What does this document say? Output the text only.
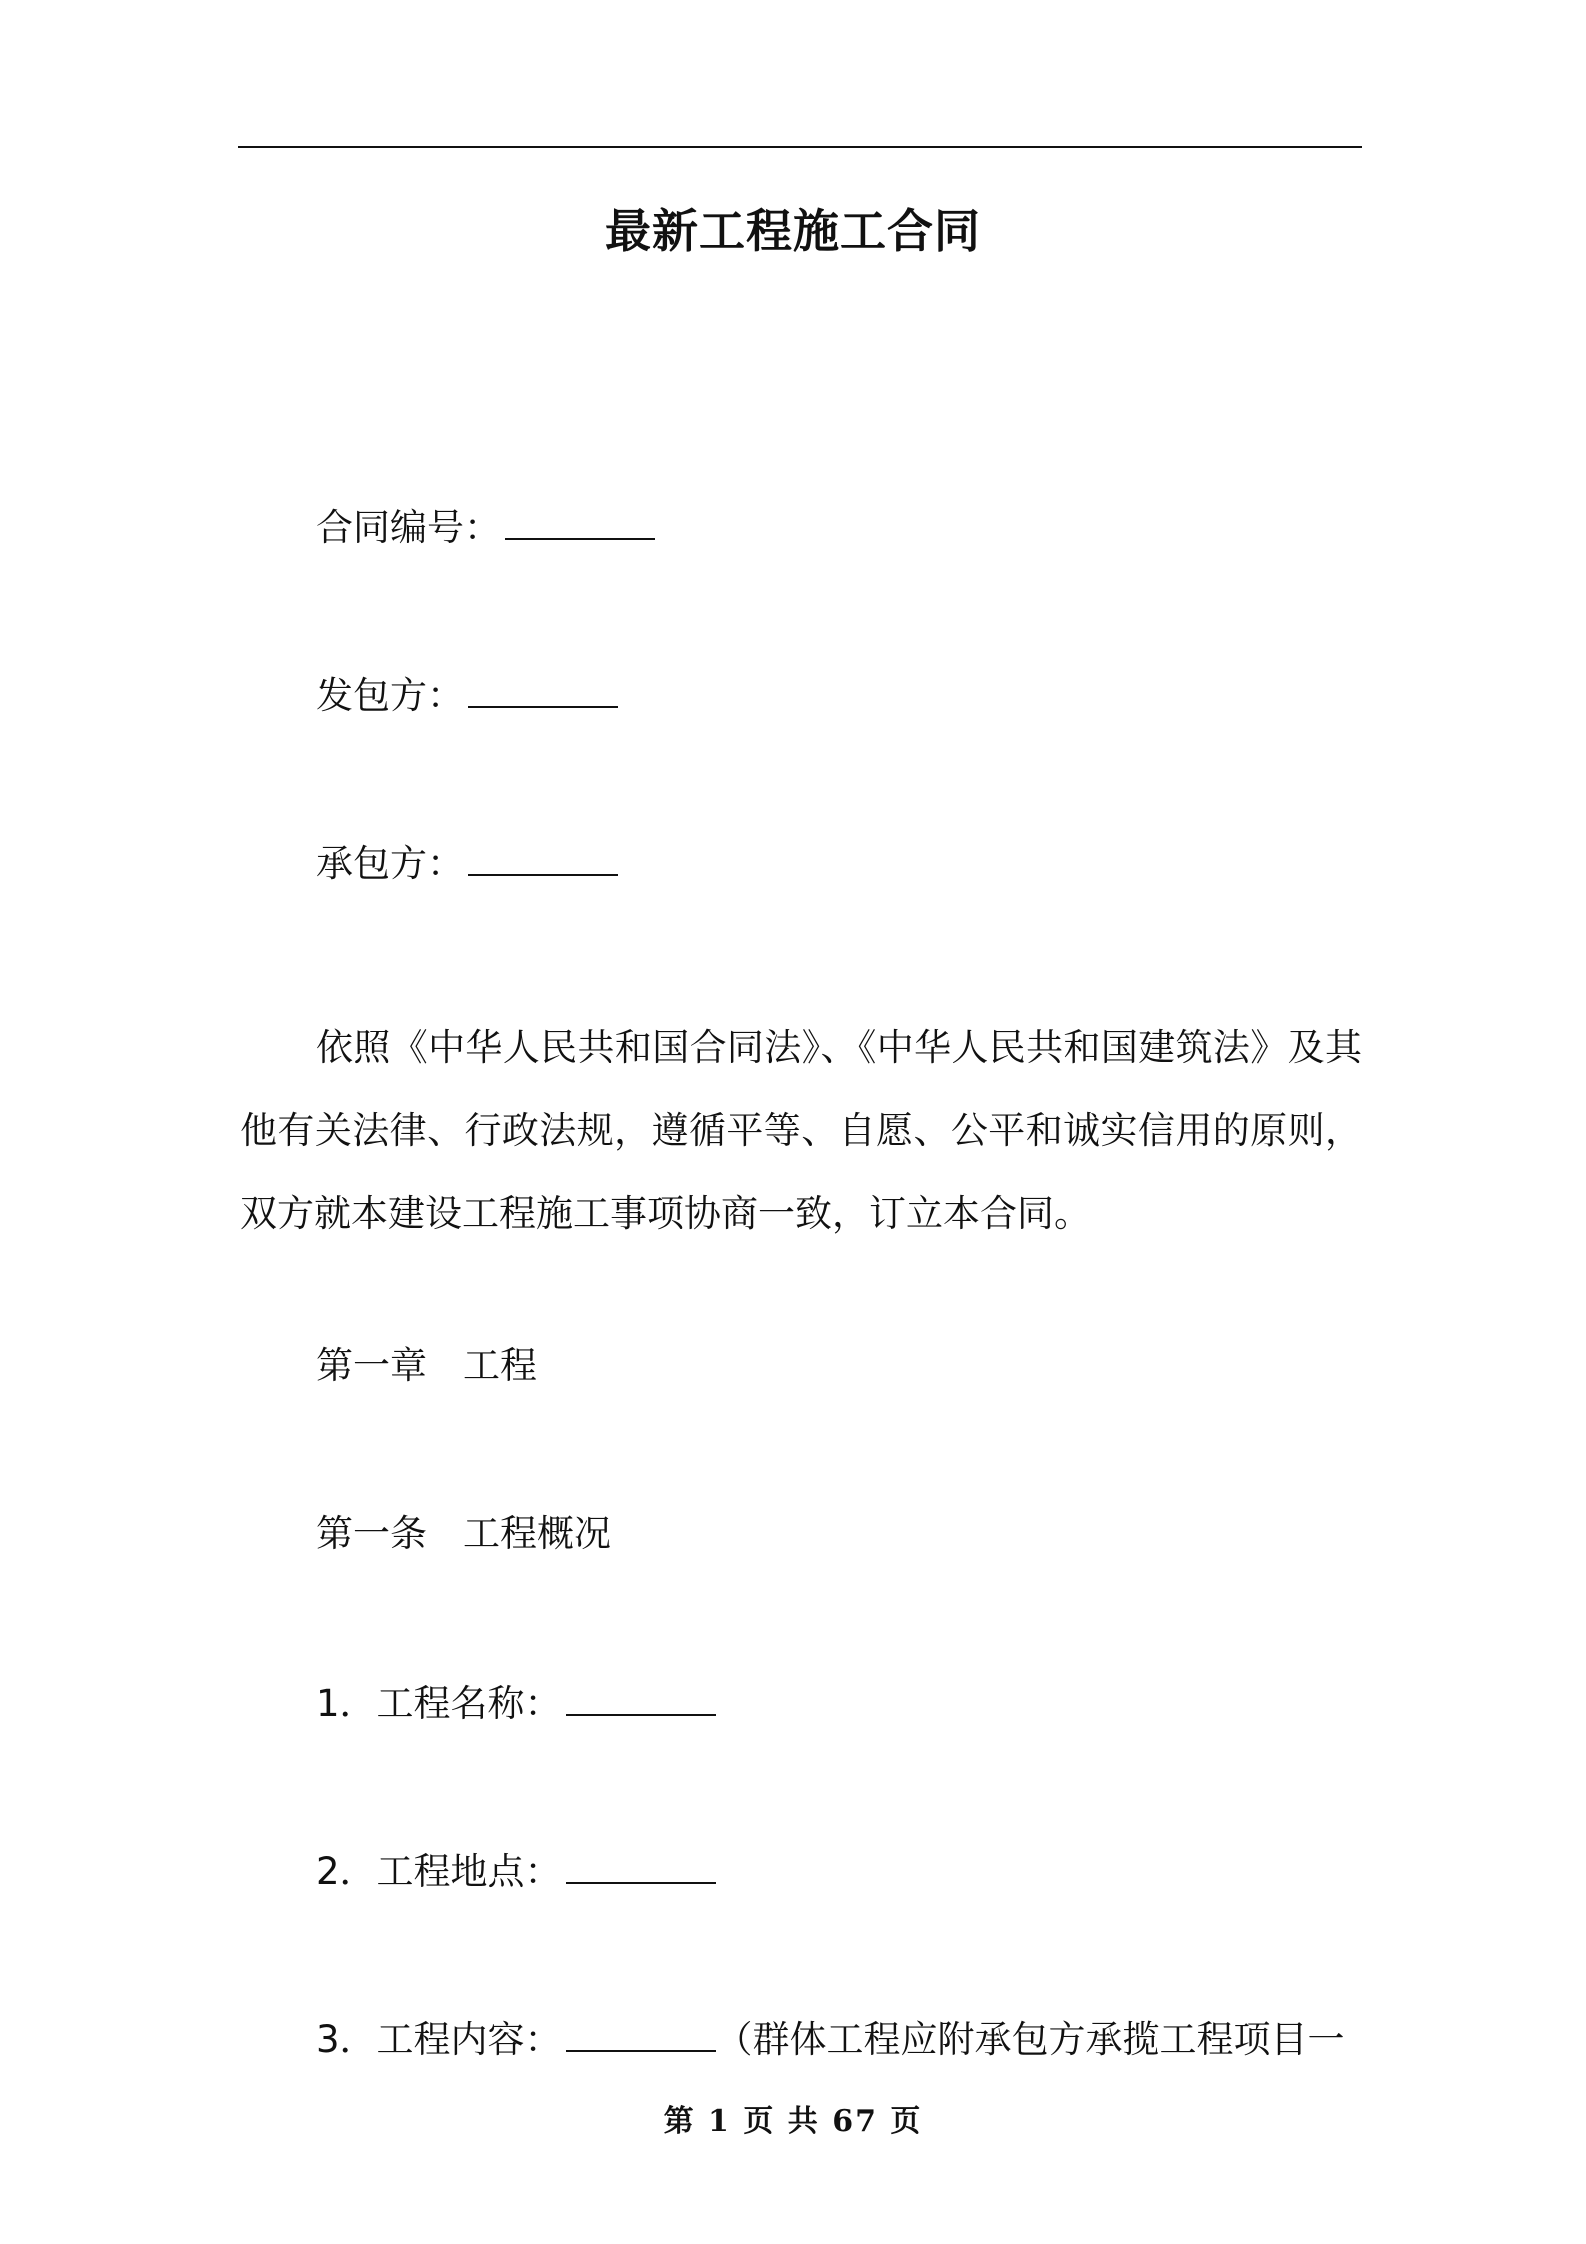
最新工程施工合同
合同编号：
发包方：
承包方：
依照《中华人民共和国合同法》、《中华人民共和国建筑法》及其他有关法律、行政法规，遵循平等、自愿、公平和诚实信用的原则，双方就本建设工程施工事项协商一致，订立本合同。
第一章 工程
第一条 工程概况
1．工程名称：
2．工程地点：
3．工程内容：	（群体工程应附承包方承揽工程项目一
第 1 页 共 67 页
